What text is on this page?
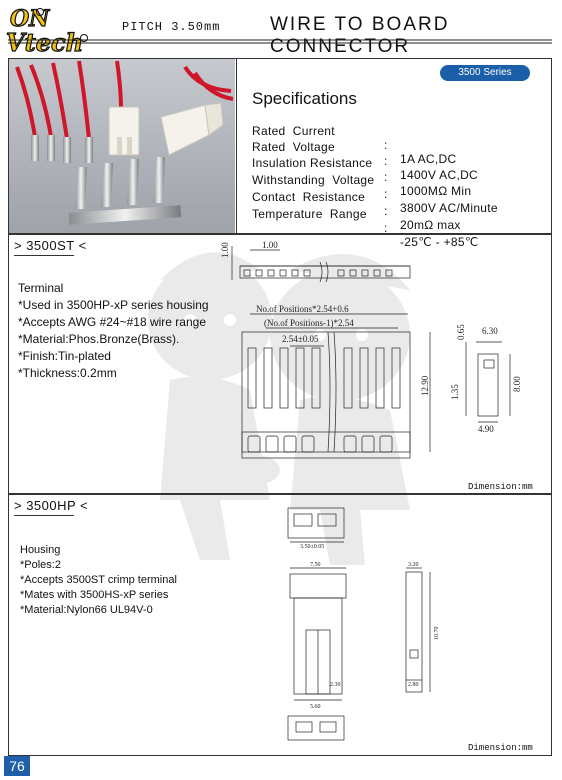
ON
Vtech
PITCH 3.50mm	WIRE TO BOARD CONNECTOR
3500 Series
Specifications

Rated  Current

:

1A AC,DC

Rated  Voltage

:

1400V AC,DC

Insulation Resistance

:

1000MΩ Min

Withstanding  Voltage

:

3800V AC/Minute

Contact  Resistance

:

20mΩ max

Temperature  Range

:

-25℃ - +85℃

> 3500ST <
Terminal
*Used in 3500HP-xP series housing
*Accepts AWG #24~#18 wire range
*Material:Phos.Bronze(Brass).
*Finish:Tin-plated
*Thickness:0.2mm
1.00	1.00
No.of Positions*2.54+0.6
(No.of Positions-1)*2.54
2.54±0.05
12.90
0.65 6.30
1.35
8.00
4.90
Dimension:mm
> 3500HP <
Housing
*Poles:2
*Accepts 3500ST crimp terminal
*Mates with 3500HS-xP series
*Material:Nylon66 UL94V-0
3.50±0.05
7.50	3.20
10.70
2.30	2.80
5.60
Dimension:mm
76
